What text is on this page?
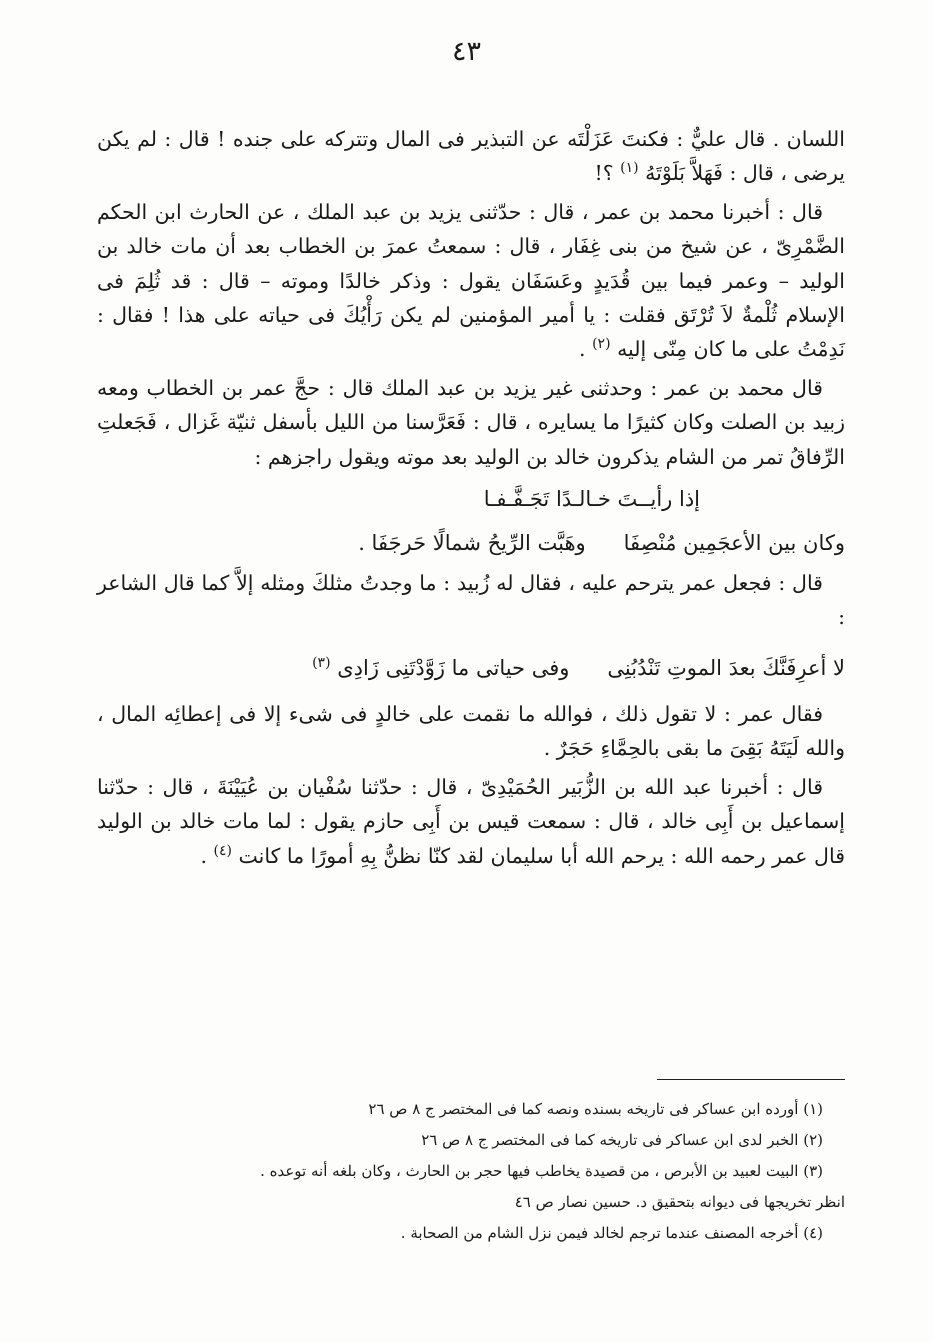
٤٣

اللسان . قال عليٌّ : فكنتَ عَزَلْتَه عن التبذير فى المال وتتركه على جنده ! قال : لم يكن يرضى ، قال : فَهَلاَّ بَلَوْتَهُ $^{(١)}$ ؟!

قال : أخبرنا محمد بن عمر ، قال : حدّثنى يزيد بن عبد الملك ، عن الحارث ابن الحكم الضَّمْرِىّ ، عن شيخ من بنى غِفَار ، قال : سمعتُ عمرَ بن الخطاب بعد أن مات خالد بن الوليد – وعمر فيما بين قُدَيدٍ وعَسَفَان يقول : وذكر خالدًا وموته – قال : قد ثُلِمَ فى الإسلام ثُلْمةٌ لاَ تُرْتَق فقلت : يا أمير المؤمنين لم يكن رَأْيُكَ فى حياته على هذا ! فقال : نَدِمْتُ على ما كان مِنّى إليه $^{(٢)}$ .

قال محمد بن عمر : وحدثنى غير يزيد بن عبد الملك قال : حجَّ عمر بن الخطاب ومعه زبيد بن الصلت وكان كثيرًا ما يسايره ، قال : فَعَرَّسنا من الليل بأسفل ثنيّة غَزال ، فَجَعلتِ الرِّفاقُ تمر من الشام يذكرون خالد بن الوليد بعد موته ويقول راجزهم :

إذا رأيــتَ خـالـدًا تَجَـفَّـفـا
وكان بين الأعجَمِين مُنْصِفَاوهَبَّت الرِّيحُ شمالًا حَرجَفَا .

قال : فجعل عمر يترحم عليه ، فقال له زُبيد : ما وجدتُ مثلكَ ومثله إلاَّ كما قال الشاعر :

لا أعرِفَنَّكَ بعدَ الموتِ تَنْدُبُنِىوفى حياتى ما زَوَّدْتَنِى زَادِى $^{(٣)}$

فقال عمر : لا تقول ذلك ، فوالله ما نقمت على خالدٍ فى شىء إلا فى إعطائِه المال ، والله لَيَتَهُ بَقِىَ ما بقى بالحِمَّاءِ حَجَرٌ .

قال : أخبرنا عبد الله بن الزُّبَير الحُمَيْدِىّ ، قال : حدّثنا سُفْيان بن عُيَيْنَةَ ، قال : حدّثنا إسماعيل بن أَبِى خالد ، قال : سمعت قيس بن أَبِى حازم يقول : لما مات خالد بن الوليد قال عمر رحمه الله : يرحم الله أبا سليمان لقد كنّا نظنُّ بِهِ أمورًا ما كانت $^{(٤)}$ .

(١) أورده ابن عساكر فى تاريخه بسنده ونصه كما فى المختصر ج ٨ ص ٢٦

(٢) الخبر لدى ابن عساكر فى تاريخه كما فى المختصر ج ٨ ص ٢٦

(٣) البيت لعبيد بن الأبرص ، من قصيدة يخاطب فيها حجر بن الحارث ، وكان بلغه أنه توعده .

انظر تخريجها فى ديوانه بتحقيق د. حسين نصار ص ٤٦

(٤) أخرجه المصنف عندما ترجم لخالد فيمن نزل الشام من الصحابة .
